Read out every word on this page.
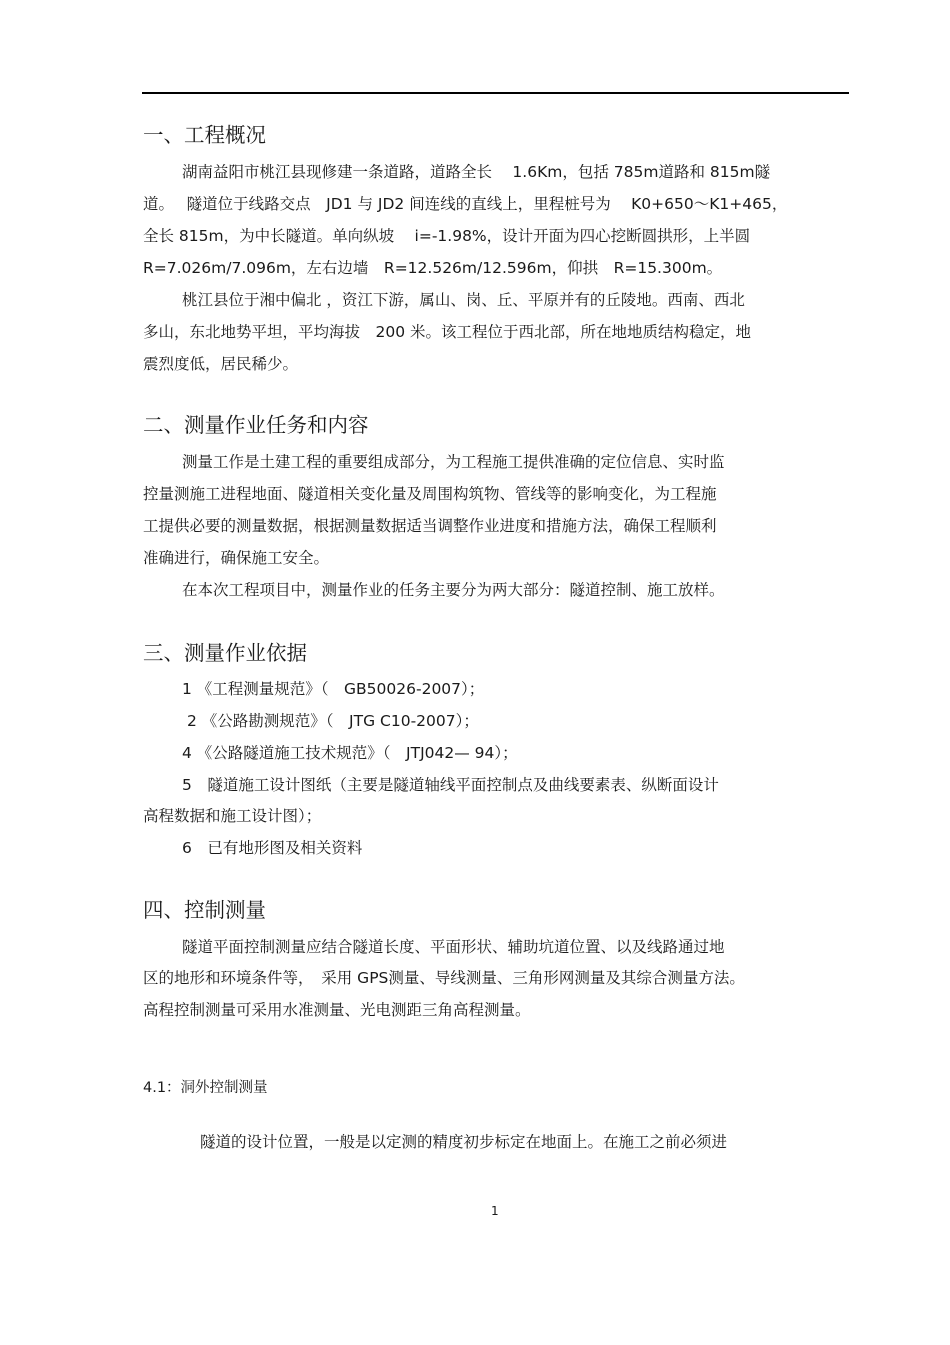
一、工程概况
湖南益阳市桃江县现修建一条道路，道路全长　 1.6Km，包括 785m道路和 815m隧
道。　 隧道位于线路交点　JD1 与 JD2 间连线的直线上，里程桩号为　 K0+650～K1+465，
全长 815m，为中长隧道。单向纵坡　 i=-1.98%，设计开面为四心挖断圆拱形，上半圆
R=7.026m/7.096m，左右边墙　R=12.526m/12.596m，仰拱　R=15.300m。
桃江县位于湘中偏北 ，资江下游，属山、岗、丘、平原并有的丘陵地。西南、西北
多山，东北地势平坦，平均海拔　200 米。该工程位于西北部，所在地地质结构稳定，地
震烈度低，居民稀少。
二、测量作业任务和内容
测量工作是土建工程的重要组成部分，为工程施工提供准确的定位信息、实时监
控量测施工进程地面、隧道相关变化量及周围构筑物、管线等的影响变化，为工程施
工提供必要的测量数据，根据测量数据适当调整作业进度和措施方法，确保工程顺利
准确进行，确保施工安全。
在本次工程项目中，测量作业的任务主要分为两大部分：隧道控制、施工放样。
三、测量作业依据
1 《工程测量规范》（　GB50026-2007）；
2 《公路勘测规范》（　JTG C10-2007）；
4 《公路隧道施工技术规范》（　JTJ042— 94）；
5　隧道施工设计图纸（主要是隧道轴线平面控制点及曲线要素表、纵断面设计
高程数据和施工设计图）；
6　已有地形图及相关资料
四、控制测量
隧道平面控制测量应结合隧道长度、平面形状、辅助坑道位置、以及线路通过地
区的地形和环境条件等，　采用 GPS测量、导线测量、三角形网测量及其综合测量方法。
高程控制测量可采用水准测量、光电测距三角高程测量。
4.1：洞外控制测量
隧道的设计位置，一般是以定测的精度初步标定在地面上。在施工之前必须进
1
